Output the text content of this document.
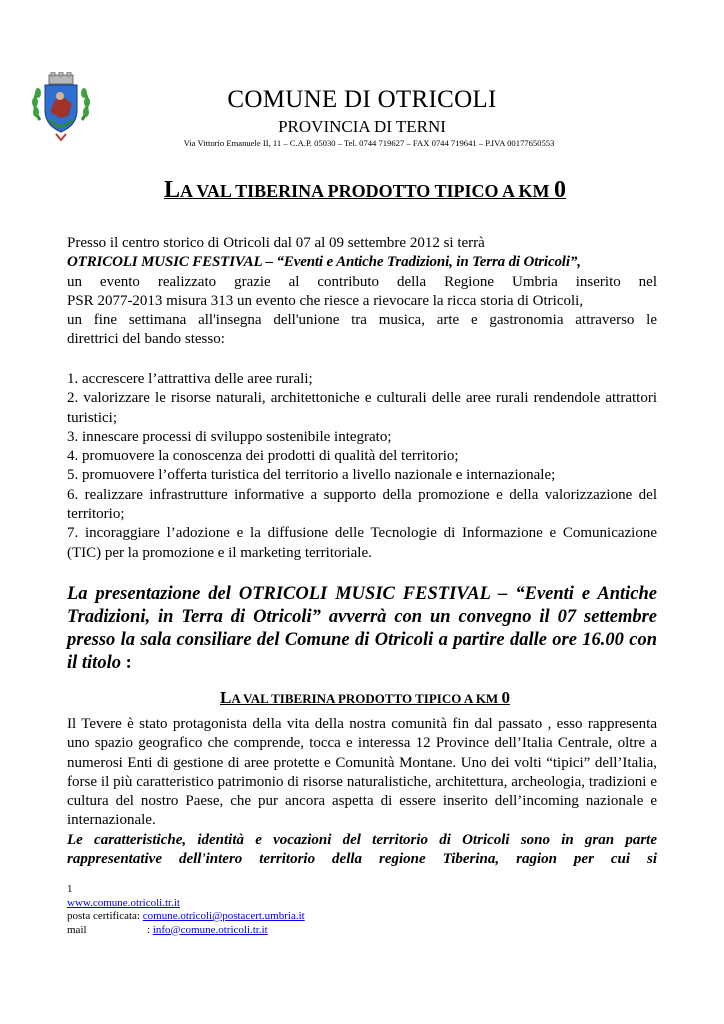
COMUNE DI OTRICOLI
PROVINCIA DI TERNI
Via Vittorio Emanuele II, 11 – C.A.P. 05030 – Tel. 0744 719627 – FAX 0744 719641 – P.IVA 00177650553
LA VAL TIBERINA PRODOTTO TIPICO A KM 0

Presso il centro storico di Otricoli dal 07 al 09 settembre 2012 si terrà

OTRICOLI MUSIC FESTIVAL – “Eventi e Antiche Tradizioni, in Terra di Otricoli”,

un evento realizzato grazie al contributo della Regione Umbria inserito nel

PSR 2077-2013 misura 313 un evento che riesce a rievocare la ricca storia di Otricoli,

un fine settimana all'insegna dell'unione tra musica, arte e gastronomia attraverso le

direttrici del bando stesso:

1. accrescere l’attrattiva delle aree rurali;

2. valorizzare le risorse naturali, architettoniche e culturali delle aree rurali rendendole attrattori turistici;

3. innescare processi di sviluppo sostenibile integrato;

4. promuovere la conoscenza dei prodotti di qualità del territorio;

5. promuovere l’offerta turistica del territorio a livello nazionale e internazionale;

6. realizzare infrastrutture informative a supporto della promozione e della valorizzazione del territorio;

7. incoraggiare l’adozione e la diffusione delle Tecnologie di Informazione e Comunicazione (TIC) per la promozione e il marketing territoriale.

La presentazione del OTRICOLI MUSIC FESTIVAL – “Eventi e Antiche Tradizioni, in Terra di Otricoli” avverrà con un convegno il 07 settembre presso la sala consiliare del Comune di Otricoli a partire dalle ore 16.00 con il titolo :
LA VAL TIBERINA PRODOTTO TIPICO A KM 0

Il Tevere è stato protagonista della vita della nostra comunità fin dal passato , esso rappresenta uno spazio geografico che comprende, tocca e interessa 12 Province dell’Italia Centrale, oltre a numerosi Enti di gestione di aree protette e Comunità Montane. Uno dei volti “tipici” dell’Italia, forse il più caratteristico patrimonio di risorse naturalistiche, architettura, archeologia, tradizioni e cultura del nostro Paese, che pur ancora aspetta di essere inserito dell’incoming nazionale e internazionale.

Le caratteristiche, identità e vocazioni del territorio di Otricoli sono in gran parte rappresentative dell'intero territorio della regione Tiberina, ragion per cui si

1
www.comune.otricoli.tr.it
posta certificata: comune.otricoli@postacert.umbria.it
mail	: info@comune.otricoli.tr.it
